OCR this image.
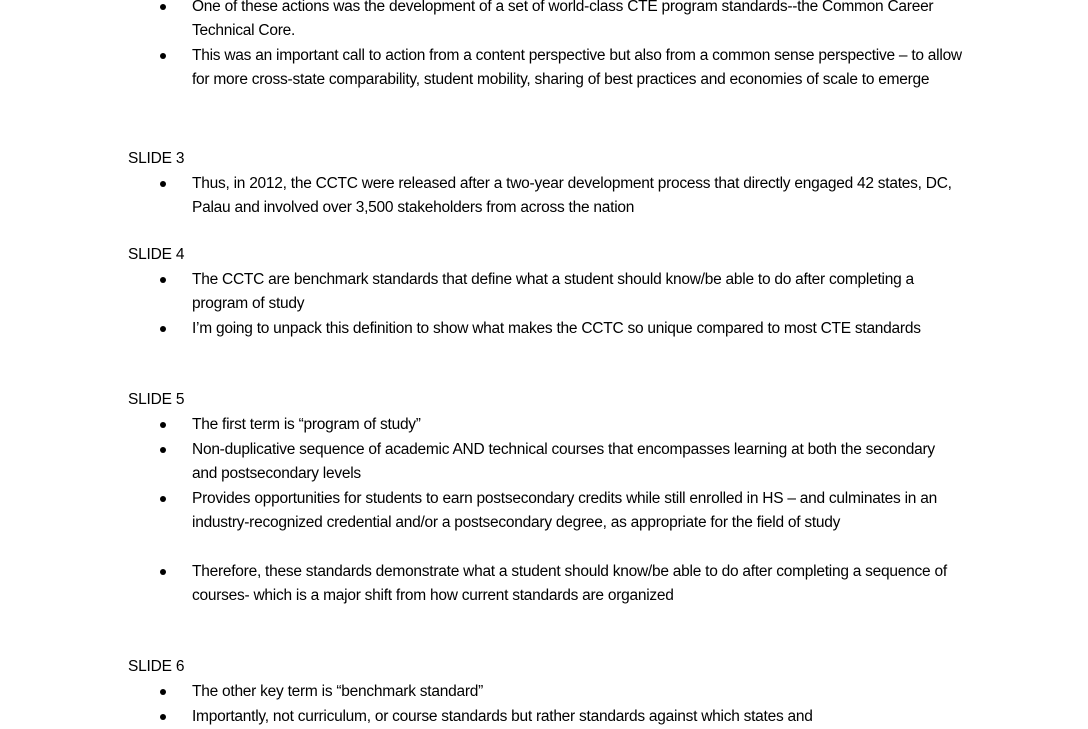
One of these actions was the development of a set of world-class CTE program standards--the Common Career Technical Core.
This was an important call to action from a content perspective but also from a common sense perspective – to allow for more cross-state comparability, student mobility, sharing of best practices and economies of scale to emerge
SLIDE 3
Thus, in 2012, the CCTC were released after a two-year development process that directly engaged 42 states, DC, Palau and involved over 3,500 stakeholders from across the nation
SLIDE 4
The CCTC are benchmark standards that define what a student should know/be able to do after completing a program of study
I’m going to unpack this definition to show what makes the CCTC so unique compared to most CTE standards
SLIDE 5
The first term is “program of study”
Non-duplicative sequence of academic AND technical courses that encompasses learning at both the secondary and postsecondary levels
Provides opportunities for students to earn postsecondary credits while still enrolled in HS – and culminates in an industry-recognized credential and/or a postsecondary degree, as appropriate for the field of study
Therefore, these standards demonstrate what a student should know/be able to do after completing a sequence of courses- which is a major shift from how current standards are organized
SLIDE 6
The other key term is “benchmark standard”
Importantly, not curriculum, or course standards but rather standards against which states and
